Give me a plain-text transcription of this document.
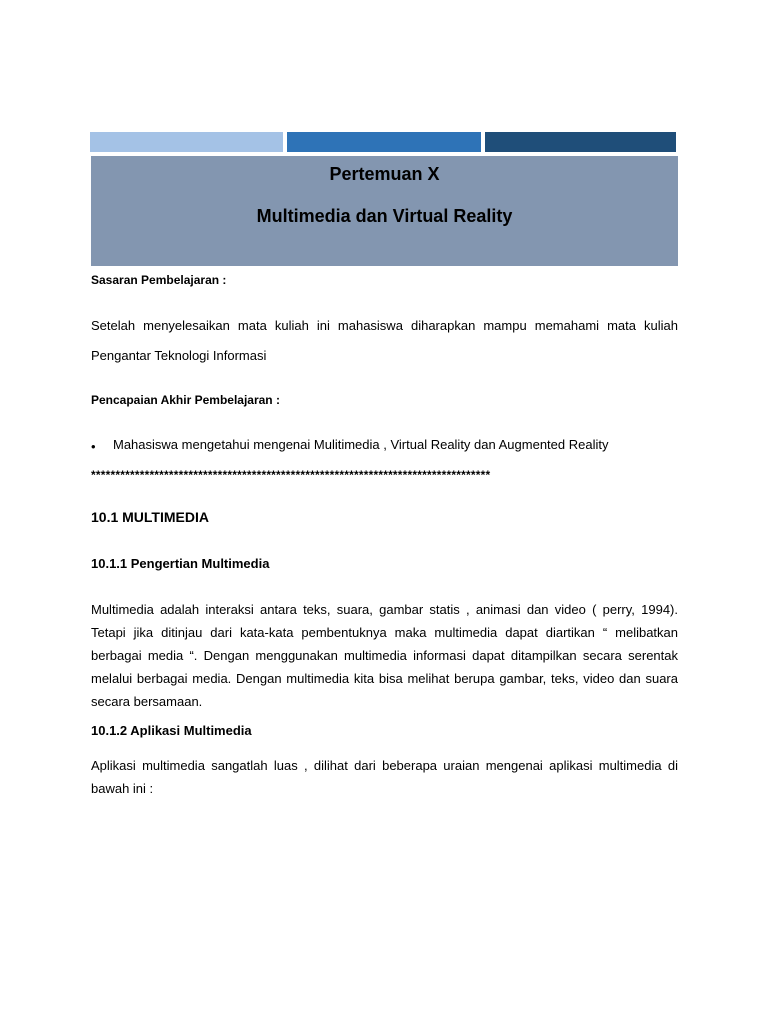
Pertemuan X
Multimedia dan Virtual Reality
Sasaran Pembelajaran :
Setelah menyelesaikan mata kuliah ini mahasiswa diharapkan mampu memahami mata kuliah
Pengantar Teknologi Informasi
Pencapaian Akhir Pembelajaran :
• Mahasiswa mengetahui mengenai Mulitimedia , Virtual Reality dan Augmented Reality
**********************************************************************************
10.1 MULTIMEDIA
10.1.1 Pengertian Multimedia
Multimedia adalah interaksi antara teks, suara, gambar statis , animasi dan video ( perry, 1994). Tetapi jika ditinjau dari kata-kata pembentuknya maka multimedia dapat diartikan “ melibatkan berbagai media “. Dengan menggunakan multimedia informasi dapat ditampilkan secara serentak melalui berbagai media. Dengan multimedia kita bisa melihat berupa gambar, teks, video dan suara secara bersamaan.
10.1.2 Aplikasi Multimedia
Aplikasi multimedia sangatlah luas , dilihat dari beberapa uraian mengenai aplikasi multimedia di bawah ini :
